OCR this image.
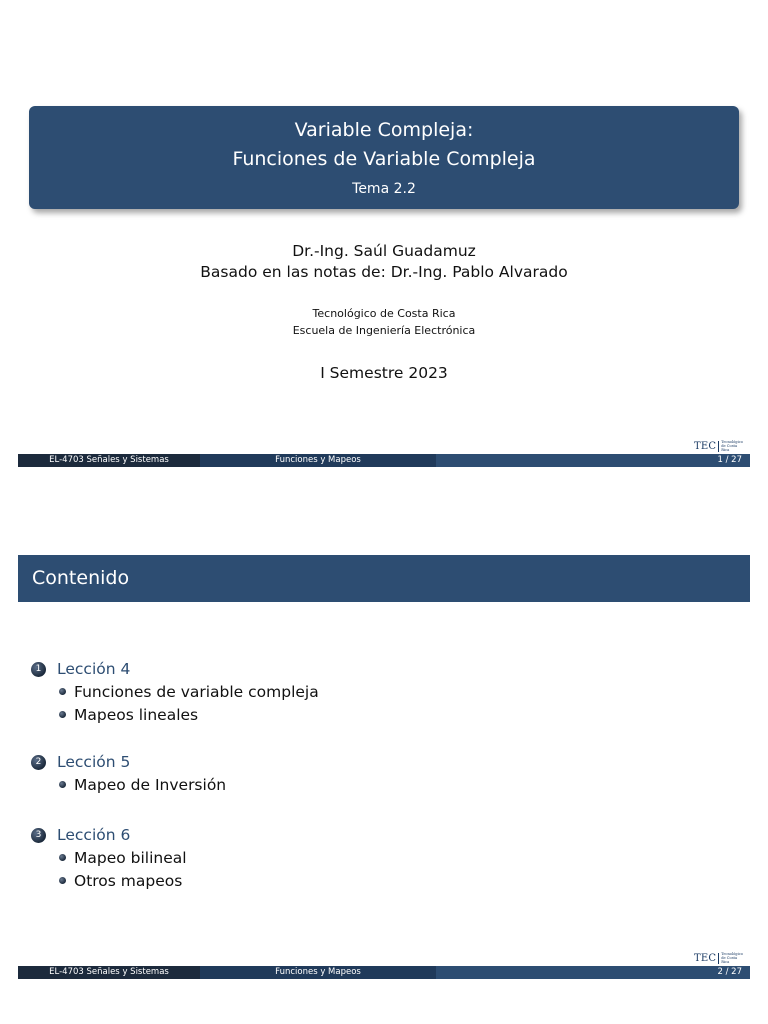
Variable Compleja:
Funciones de Variable Compleja
Tema 2.2
Dr.-Ing. Saúl Guadamuz
Basado en las notas de: Dr.-Ing. Pablo Alvarado
Tecnológico de Costa Rica
Escuela de Ingeniería Electrónica
I Semestre 2023
TEC Tecnológico
de Costa Rica
EL-4703 Señales y Sistemas	Funciones y Mapeos	1 / 27
Contenido
1 Lección 4
Funciones de variable compleja
Mapeos lineales
2 Lección 5
Mapeo de Inversión
3 Lección 6
Mapeo bilineal
Otros mapeos
TEC Tecnológico
de Costa Rica
EL-4703 Señales y Sistemas	Funciones y Mapeos	2 / 27
